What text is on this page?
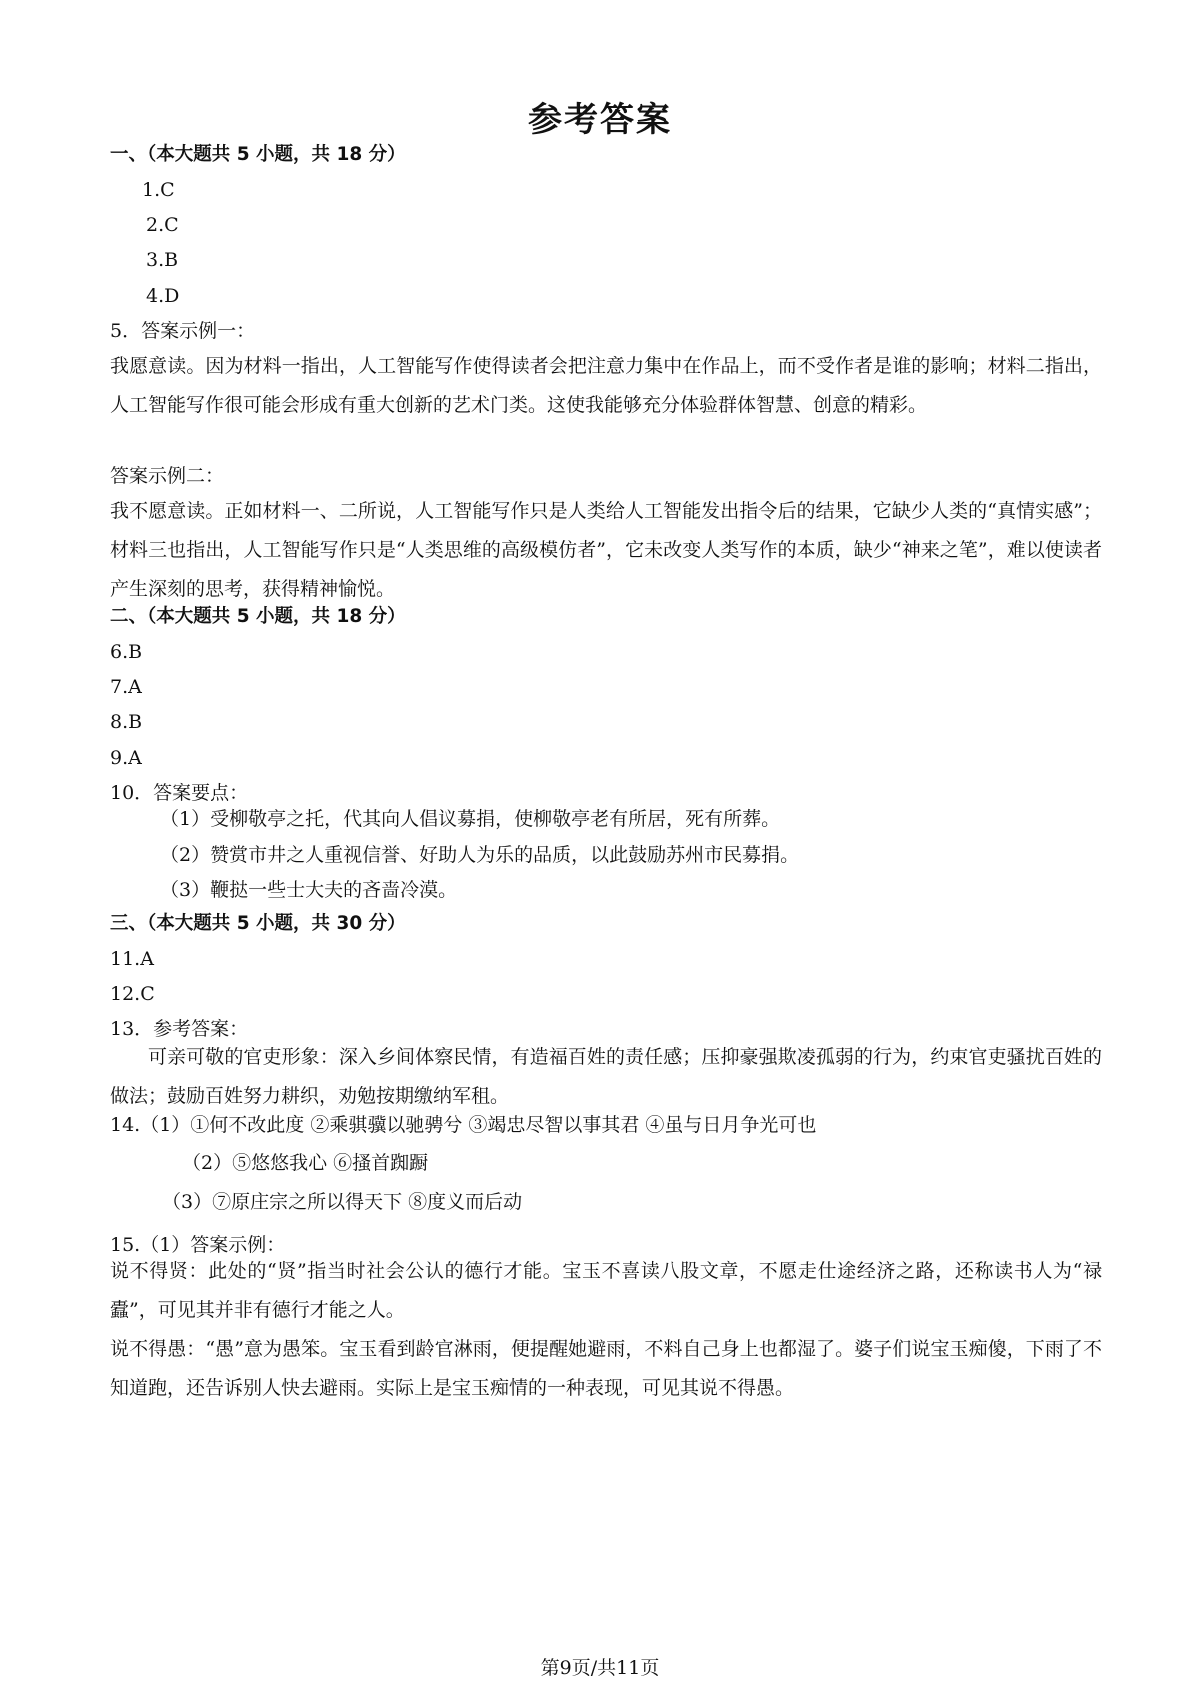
参考答案
一、（本大题共 5 小题，共 18 分）
1.C
2.C
3.B
4.D
5．答案示例一：
我愿意读。因为材料一指出，人工智能写作使得读者会把注意力集中在作品上，而不受作者是谁的影响；材料二指出，人工智能写作很可能会形成有重大创新的艺术门类。这使我能够充分体验群体智慧、创意的精彩。
答案示例二：
我不愿意读。正如材料一、二所说，人工智能写作只是人类给人工智能发出指令后的结果，它缺少人类的“真情实感”；材料三也指出，人工智能写作只是“人类思维的高级模仿者”，它未改变人类写作的本质，缺少“神来之笔”，难以使读者产生深刻的思考，获得精神愉悦。
二、（本大题共 5 小题，共 18 分）
6.B
7.A
8.B
9.A
10．答案要点：
（1）受柳敬亭之托，代其向人倡议募捐，使柳敬亭老有所居，死有所葬。
（2）赞赏市井之人重视信誉、好助人为乐的品质，以此鼓励苏州市民募捐。
（3）鞭挞一些士大夫的吝啬冷漠。
三、（本大题共 5 小题，共 30 分）
11.A
12.C
13．参考答案：
可亲可敬的官吏形象：深入乡间体察民情，有造福百姓的责任感；压抑豪强欺凌孤弱的行为，约束官吏骚扰百姓的做法；鼓励百姓努力耕织，劝勉按期缴纳军租。
14.（1）①何不改此度 ②乘骐骥以驰骋兮 ③竭忠尽智以事其君 ④虽与日月争光可也
（2）⑤悠悠我心 ⑥搔首踟蹰
（3）⑦原庄宗之所以得天下 ⑧度义而后动
15.（1）答案示例：
说不得贤：此处的“贤”指当时社会公认的德行才能。宝玉不喜读八股文章，不愿走仕途经济之路，还称读书人为“禄蠹”，可见其并非有德行才能之人。
说不得愚：“愚”意为愚笨。宝玉看到龄官淋雨，便提醒她避雨，不料自己身上也都湿了。婆子们说宝玉痴傻，下雨了不知道跑，还告诉别人快去避雨。实际上是宝玉痴情的一种表现，可见其说不得愚。
第9页/共11页
